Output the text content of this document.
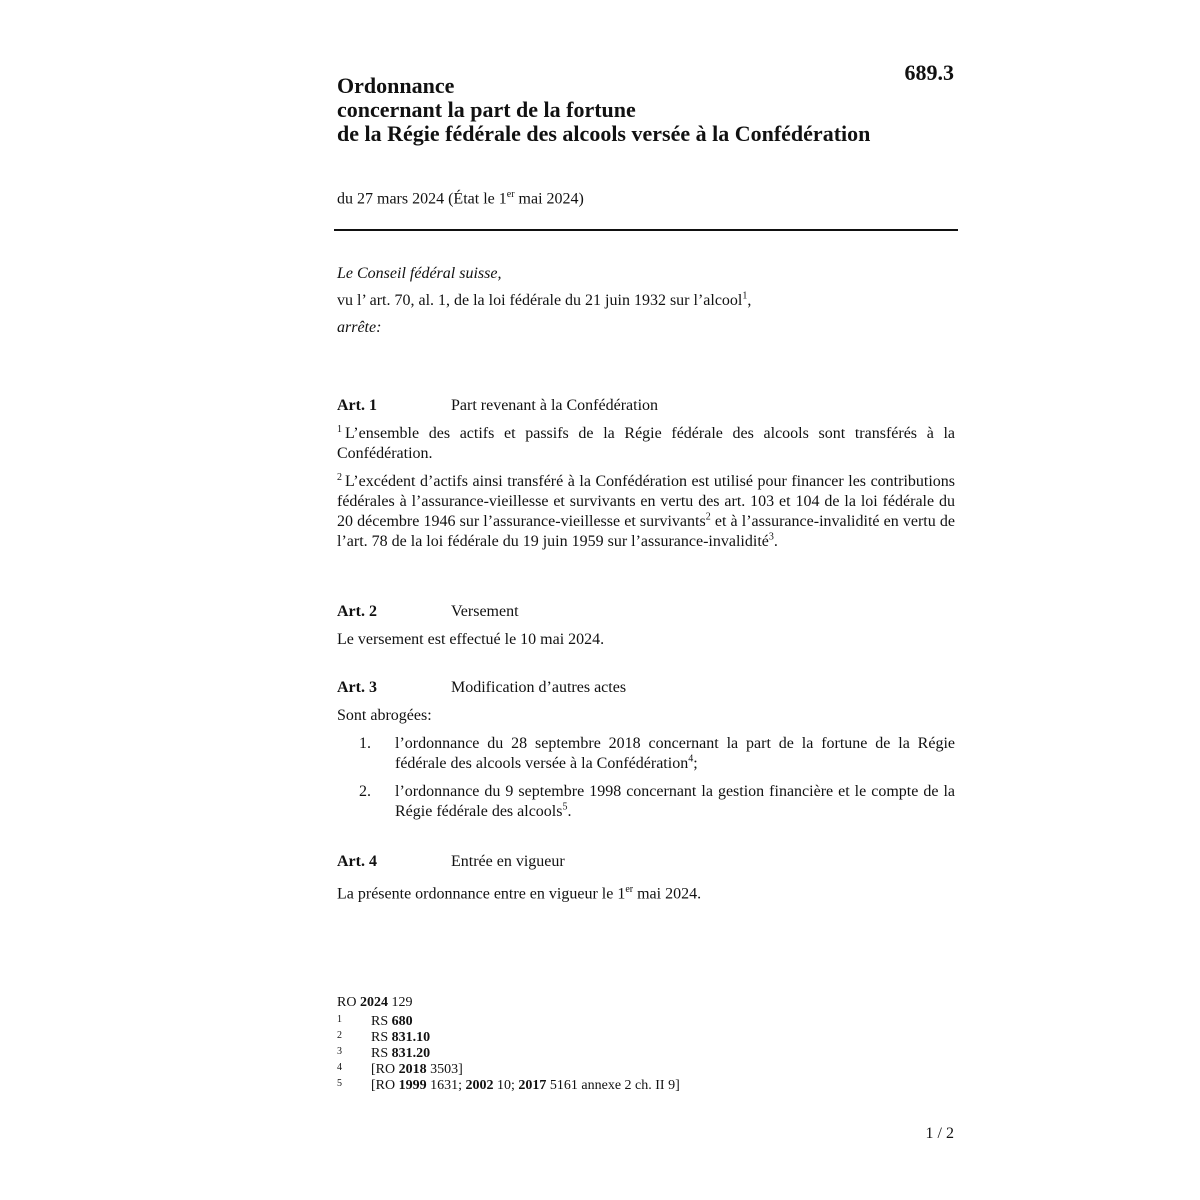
689.3
Ordonnance
concernant la part de la fortune
de la Régie fédérale des alcools versée à la Confédération
du 27 mars 2024 (État le 1er mai 2024)
Le Conseil fédéral suisse,
vu l’ art. 70, al. 1, de la loi fédérale du 21 juin 1932 sur l’alcool$^1$,
arrête:
Art. 1	Part revenant à la Confédération

$^1$ L’ensemble des actifs et passifs de la Régie fédérale des alcools sont transférés à la Confédération.

$^2$ L’excédent d’actifs ainsi transféré à la Confédération est utilisé pour financer les contributions fédérales à l’assurance-vieillesse et survivants en vertu des art. 103 et 104 de la loi fédérale du 20 décembre 1946 sur l’assurance-vieillesse et survivants$^2$ et à l’assurance-invalidité en vertu de l’art. 78 de la loi fédérale du 19 juin 1959 sur l’assurance-invalidité$^3$.

Art. 2	Versement

Le versement est effectué le 10 mai 2024.

Art. 3	Modification d’autres actes

Sont abrogées:

1.	l’ordonnance du 28 septembre 2018 concernant la part de la fortune de la Régie fédérale des alcools versée à la Confédération$^4$;
2.	l’ordonnance du 9 septembre 1998 concernant la gestion financière et le compte de la Régie fédérale des alcools$^5$.
Art. 4	Entrée en vigueur

La présente ordonnance entre en vigueur le 1er mai 2024.

RO 2024 129
1	RS 680
2	RS 831.10
3	RS 831.20
4	[RO 2018 3503]
5	[RO 1999 1631; 2002 10; 2017 5161 annexe 2 ch. II 9]
1 / 2
